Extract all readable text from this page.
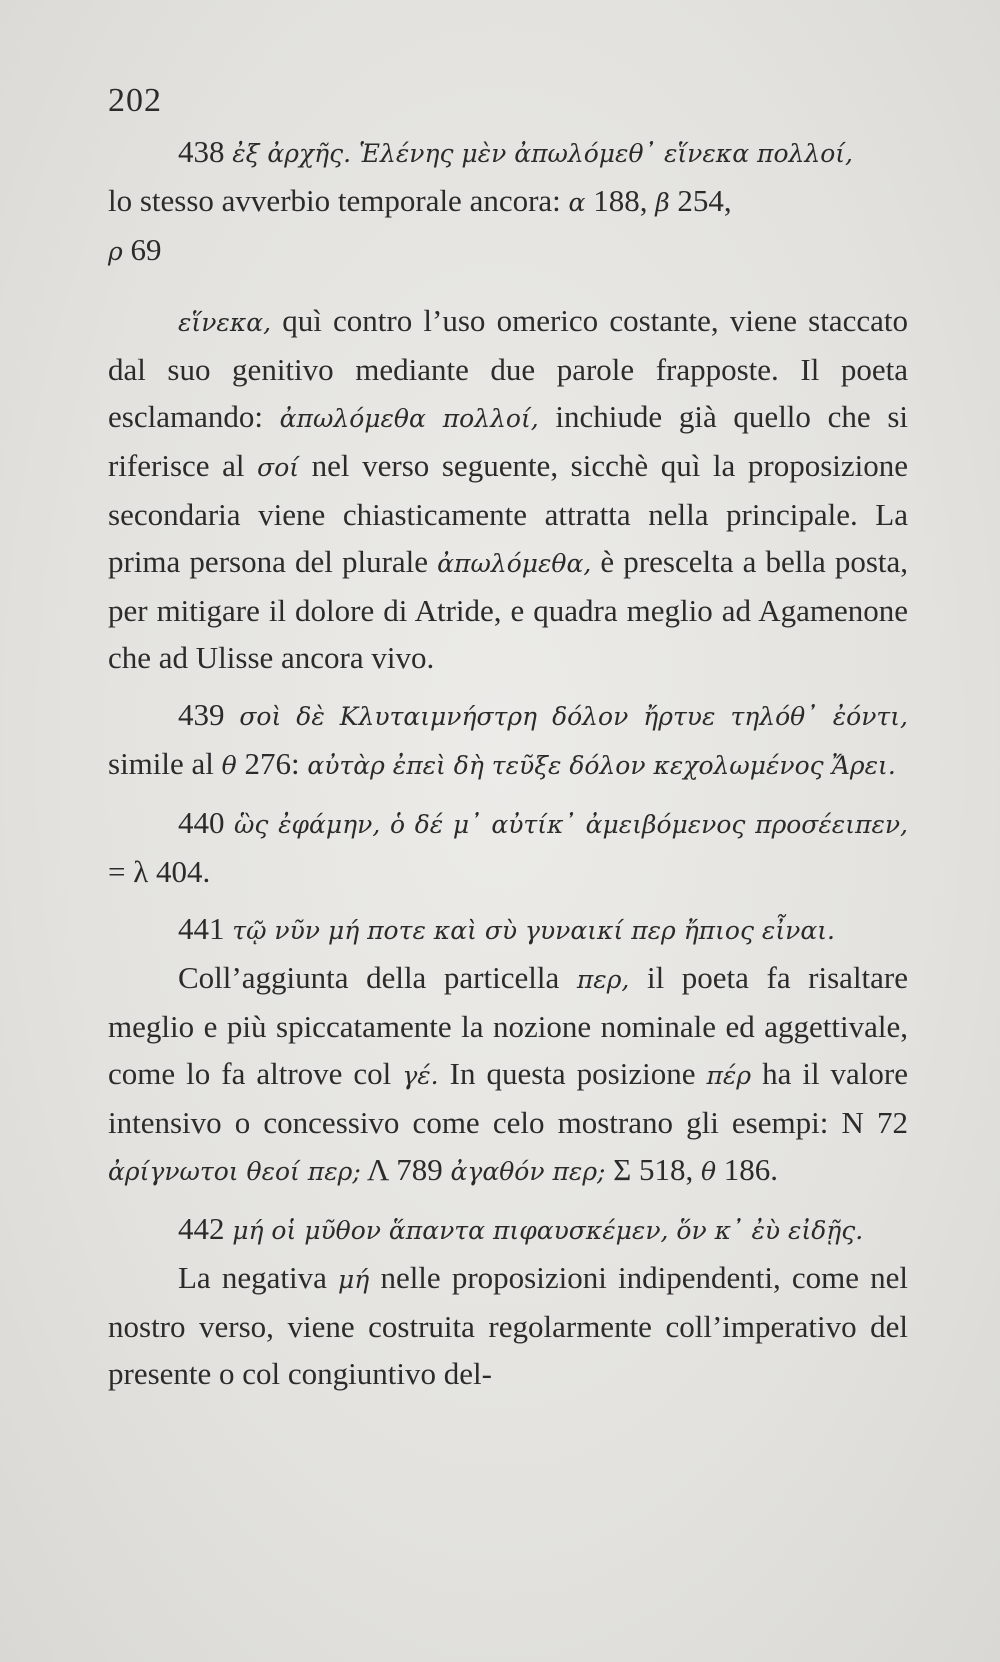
202

438 ἐξ ἀρχῆς. Ἑλένης μὲν ἀπωλόμεθ᾽ εἵνεκα πολλοί,
lo stesso avverbio temporale ancora: α 188, β 254,
ρ 69

εἵνεκα, quì contro l’uso omerico costante, viene staccato dal suo genitivo mediante due parole frapposte. Il poeta esclamando: ἀπωλόμεθα πολλοί, inchiude già quello che si riferisce al σοί nel verso seguente, sicchè quì la proposizione secondaria viene chiasticamente attratta nella principale. La prima persona del plurale ἀπωλόμεθα, è prescelta a bella posta, per mitigare il dolore di Atride, e quadra meglio ad Agamenone che ad Ulisse ancora vivo.

439 σοὶ δὲ Κλυταιμνήστρη δόλον ἤρτυε τηλόθ᾽ ἐόντι, simile al θ 276: αὐτὰρ ἐπεὶ δὴ τεῦξε δόλον κεχολωμένος Ἄρει.

440 ὣς ἐφάμην, ὁ δέ μ᾽ αὐτίκ᾽ ἀμειβόμενος προσέειπεν, = λ 404.

441 τῷ νῦν μή ποτε καὶ σὺ γυναικί περ ἤπιος εἶναι.

Coll’aggiunta della particella περ, il poeta fa risaltare meglio e più spiccatamente la nozione nominale ed aggettivale, come lo fa altrove col γέ. In questa posizione πέρ ha il valore intensivo o concessivo come celo mostrano gli esempi: N 72 ἀρίγνωτοι θεοί περ; Λ 789 ἀγαθόν περ; Σ 518, θ 186.

442 μή οἱ μῦθον ἅπαντα πιφαυσκέμεν, ὅν κ᾽ ἐὺ εἰδῇς.

La negativa μή nelle proposizioni indipendenti, come nel nostro verso, viene costruita regolarmente coll’imperativo del presente o col congiuntivo del-
